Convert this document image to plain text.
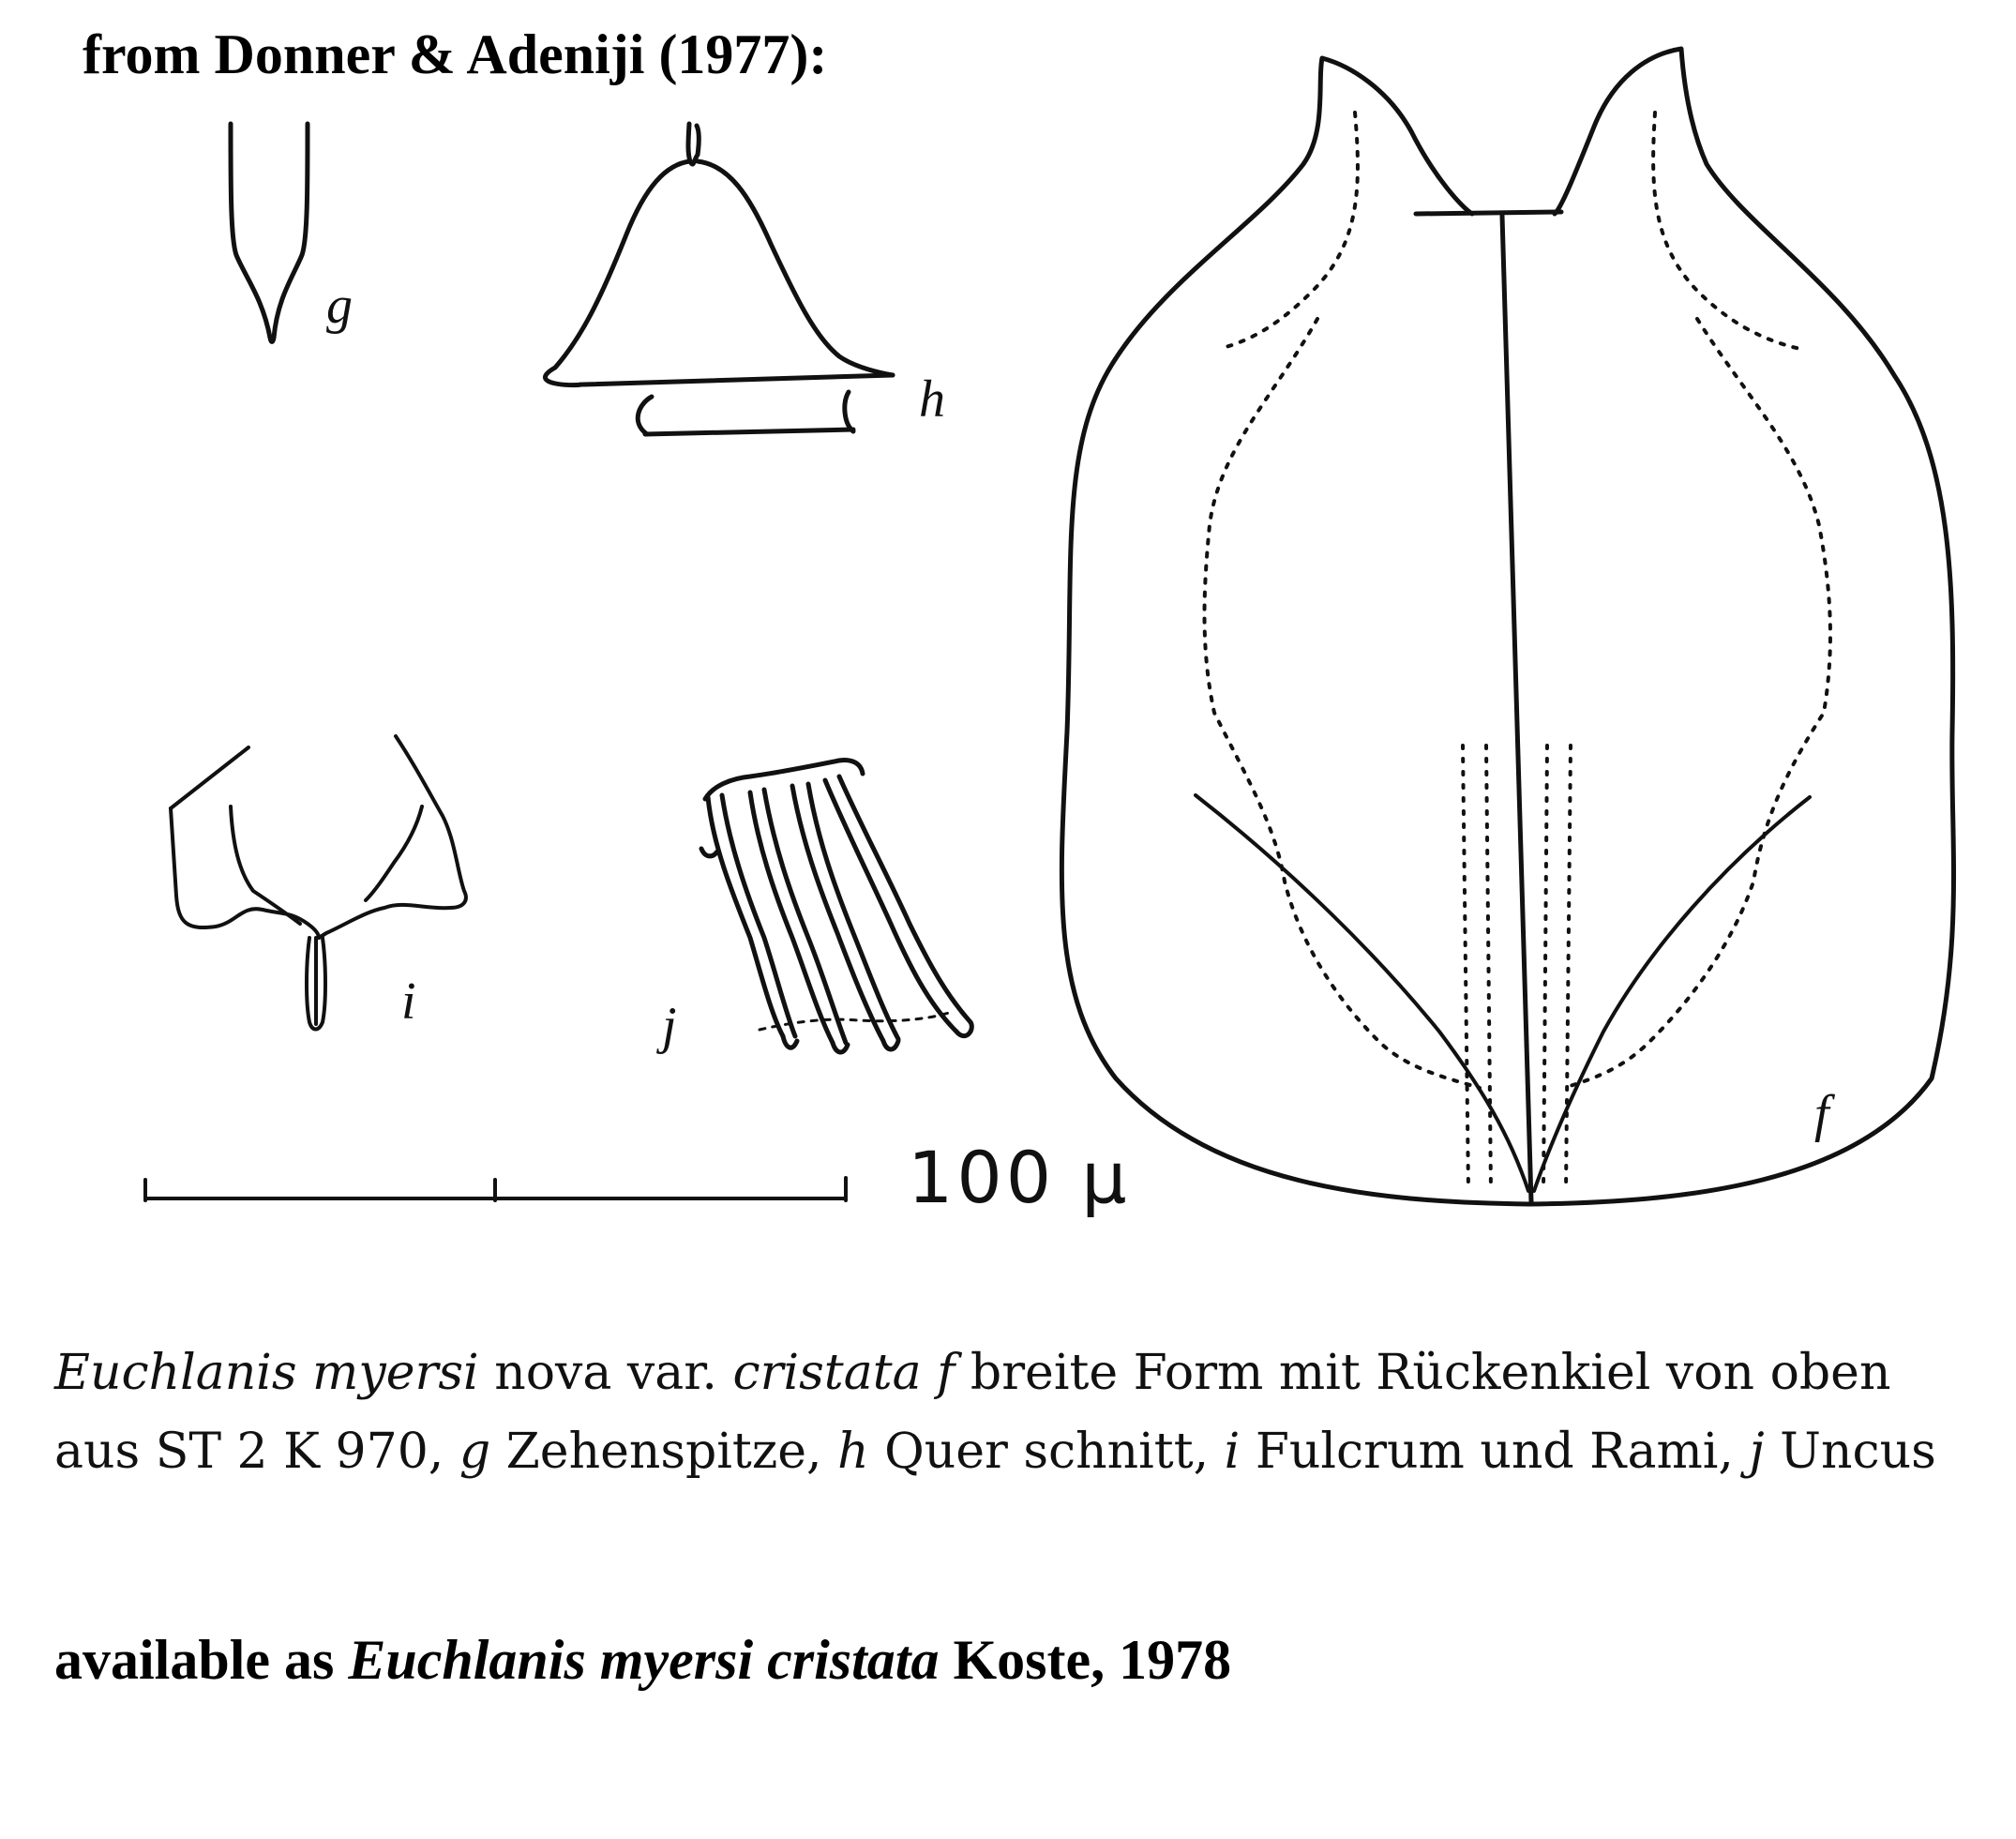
from Donner & Adeniji (1977):
g
h
i	j
f
100 µ
Euchlanis myersi nova var. cristata f breite Form mit Rückenkiel von oben aus ST 2 K 970, g Zehenspitze, h Quer schnitt, i Fulcrum und Rami, j Uncus
available as Euchlanis myersi cristata Koste, 1978
